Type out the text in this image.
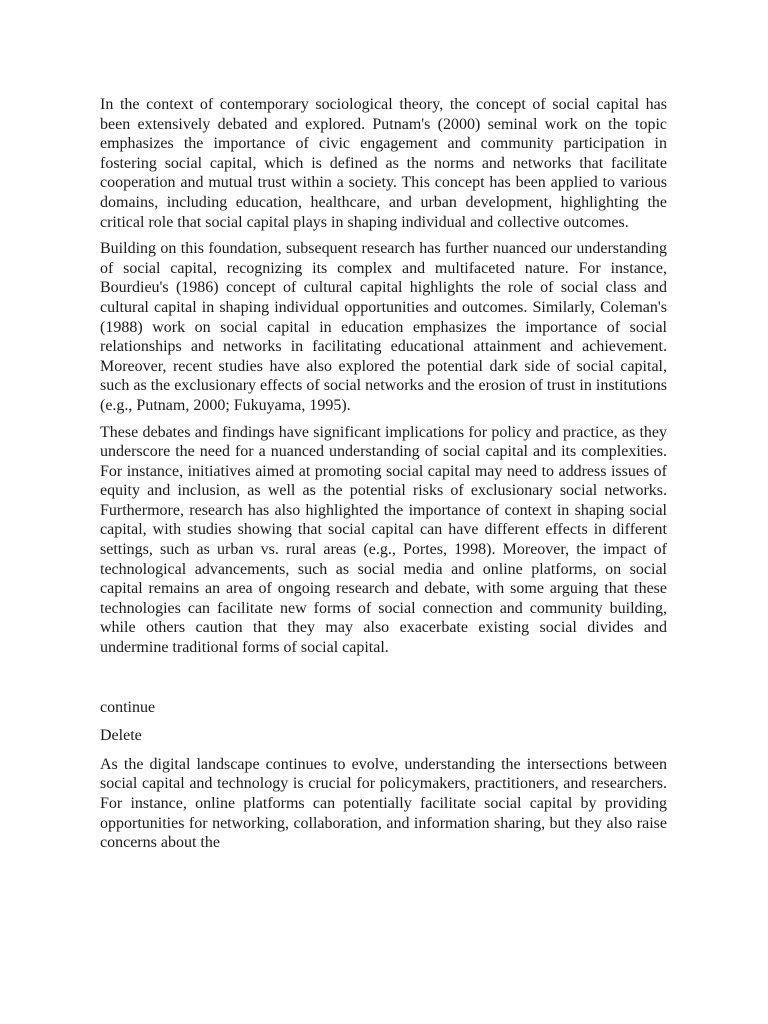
In the context of contemporary sociological theory, the concept of social capital has been extensively debated and explored. Putnam's (2000) seminal work on the topic emphasizes the importance of civic engagement and community participation in fostering social capital, which is defined as the norms and networks that facilitate cooperation and mutual trust within a society. This concept has been applied to various domains, including education, healthcare, and urban development, highlighting the critical role that social capital plays in shaping individual and collective outcomes.

Building on this foundation, subsequent research has further nuanced our understanding of social capital, recognizing its complex and multifaceted nature. For instance, Bourdieu's (1986) concept of cultural capital highlights the role of social class and cultural capital in shaping individual opportunities and outcomes. Similarly, Coleman's (1988) work on social capital in education emphasizes the importance of social relationships and networks in facilitating educational attainment and achievement. Moreover, recent studies have also explored the potential dark side of social capital, such as the exclusionary effects of social networks and the erosion of trust in institutions (e.g., Putnam, 2000; Fukuyama, 1995).

These debates and findings have significant implications for policy and practice, as they underscore the need for a nuanced understanding of social capital and its complexities. For instance, initiatives aimed at promoting social capital may need to address issues of equity and inclusion, as well as the potential risks of exclusionary social networks. Furthermore, research has also highlighted the importance of context in shaping social capital, with studies showing that social capital can have different effects in different settings, such as urban vs. rural areas (e.g., Portes, 1998). Moreover, the impact of technological advancements, such as social media and online platforms, on social capital remains an area of ongoing research and debate, with some arguing that these technologies can facilitate new forms of social connection and community building, while others caution that they may also exacerbate existing social divides and undermine traditional forms of social capital.

continue

Delete

As the digital landscape continues to evolve, understanding the intersections between social capital and technology is crucial for policymakers, practitioners, and researchers. For instance, online platforms can potentially facilitate social capital by providing opportunities for networking, collaboration, and information sharing, but they also raise concerns about the
